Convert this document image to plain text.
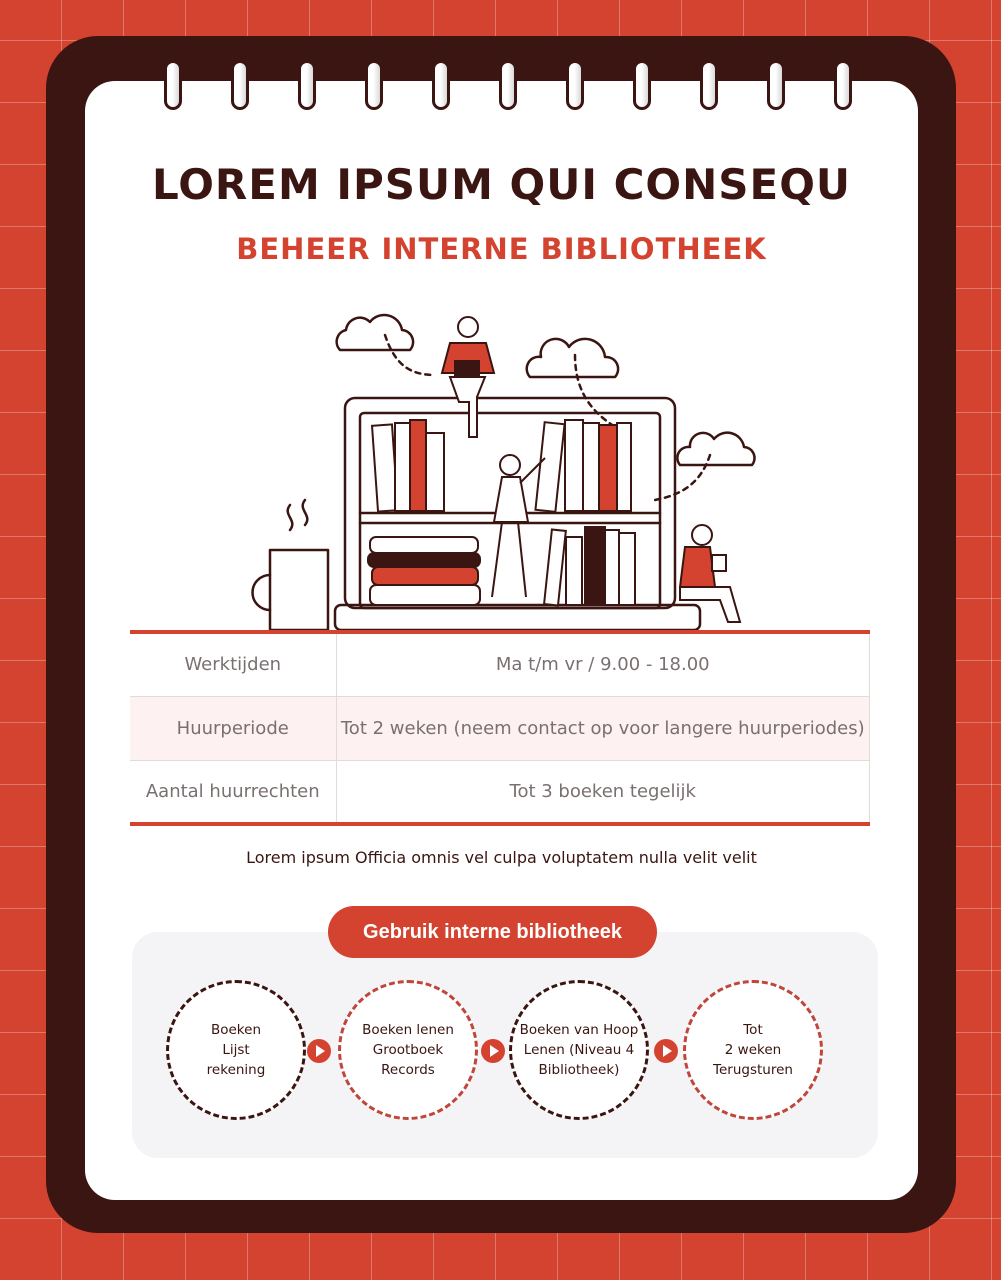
LOREM IPSUM QUI CONSEQU
BEHEER INTERNE BIBLIOTHEEK
Werktijden	Ma t/m vr / 9.00 - 18.00
Huurperiode	Tot 2 weken (neem contact op voor langere huurperiodes)
Aantal huurrechten	Tot 3 boeken tegelijk

Lorem ipsum Officia omnis vel culpa voluptatem nulla velit velit

Gebruik interne bibliotheek
Boeken
Lijst
rekening
Boeken lenen
Grootboek
Records
Boeken van Hoop
Lenen (Niveau 4
Bibliotheek)
Tot
2 weken
Terugsturen
